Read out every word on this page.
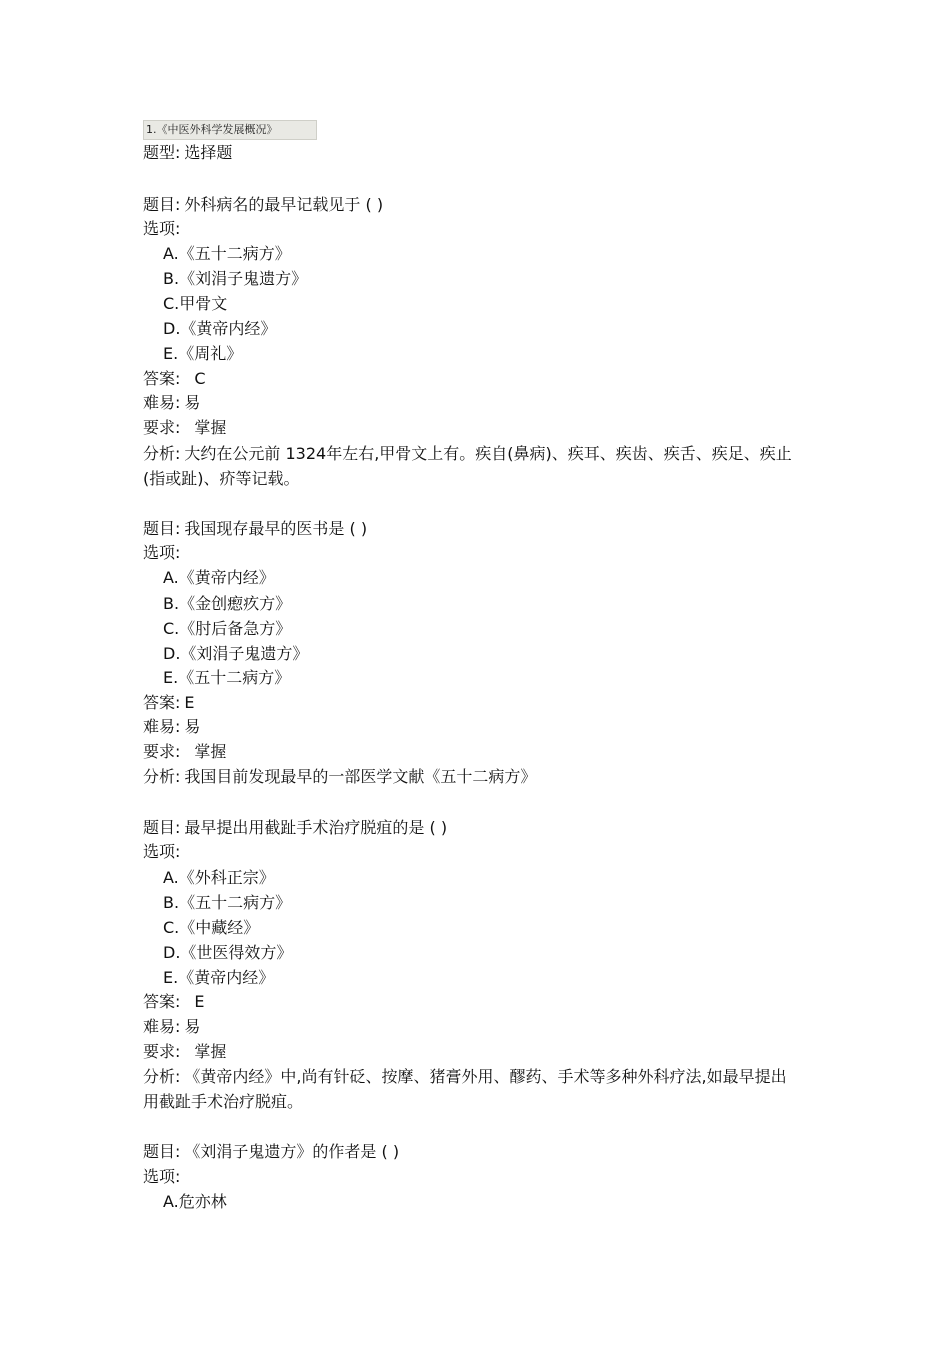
1.《中医外科学发展概况》
题型: 选择题
题目: 外科病名的最早记载见于 ( )
选项:
A.《五十二病方》
B.《刘涓子鬼遗方》
C.甲骨文
D.《黄帝内经》
E.《周礼》
答案: C
难易: 易
要求: 掌握
分析: 大约在公元前 1324年左右,甲骨文上有。疾自(鼻病)、疾耳、疾齿、疾舌、疾足、疾止(指或趾)、疥等记载。
题目: 我国现存最早的医书是 ( )
选项:
A.《黄帝内经》
B.《金创瘛疚方》
C.《肘后备急方》
D.《刘涓子鬼遗方》
E.《五十二病方》
答案: E
难易: 易
要求: 掌握
分析: 我国目前发现最早的一部医学文献《五十二病方》
题目: 最早提出用截趾手术治疗脱疽的是 ( )
选项:
A.《外科正宗》
B.《五十二病方》
C.《中藏经》
D.《世医得效方》
E.《黄帝内经》
答案: E
难易: 易
要求: 掌握
分析: 《黄帝内经》中,尚有针砭、按摩、猪膏外用、醪药、手术等多种外科疗法,如最早提出用截趾手术治疗脱疽。
题目: 《刘涓子鬼遗方》的作者是 ( )
选项:
A.危亦林
